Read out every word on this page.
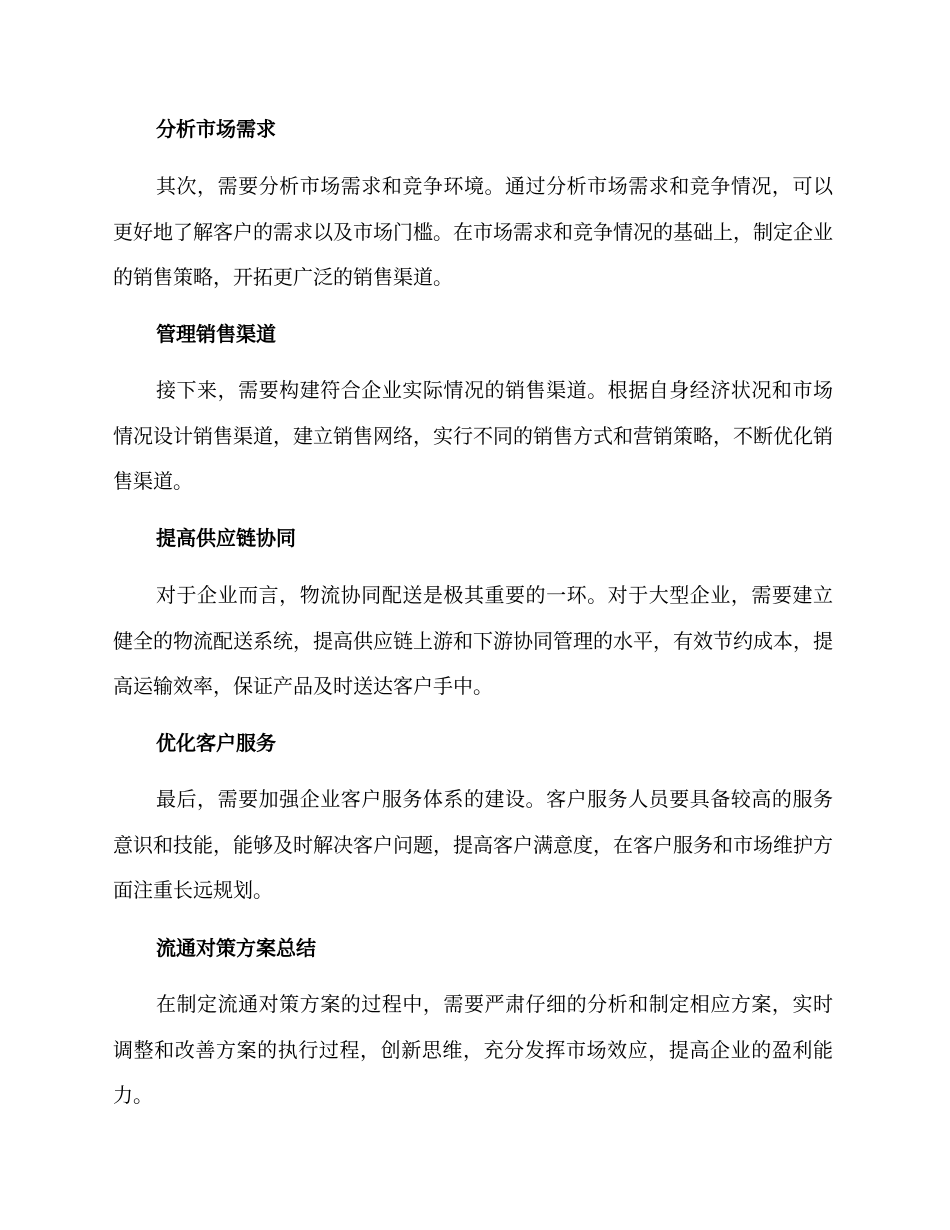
分析市场需求

其次，需要分析市场需求和竞争环境。通过分析市场需求和竞争情况，可以更好地了解客户的需求以及市场门槛。在市场需求和竞争情况的基础上，制定企业的销售策略，开拓更广泛的销售渠道。

管理销售渠道

接下来，需要构建符合企业实际情况的销售渠道。根据自身经济状况和市场情况设计销售渠道，建立销售网络，实行不同的销售方式和营销策略，不断优化销售渠道。

提高供应链协同

对于企业而言，物流协同配送是极其重要的一环。对于大型企业，需要建立健全的物流配送系统，提高供应链上游和下游协同管理的水平，有效节约成本，提高运输效率，保证产品及时送达客户手中。

优化客户服务

最后，需要加强企业客户服务体系的建设。客户服务人员要具备较高的服务意识和技能，能够及时解决客户问题，提高客户满意度，在客户服务和市场维护方面注重长远规划。

流通对策方案总结

在制定流通对策方案的过程中，需要严肃仔细的分析和制定相应方案，实时调整和改善方案的执行过程，创新思维，充分发挥市场效应，提高企业的盈利能力。
